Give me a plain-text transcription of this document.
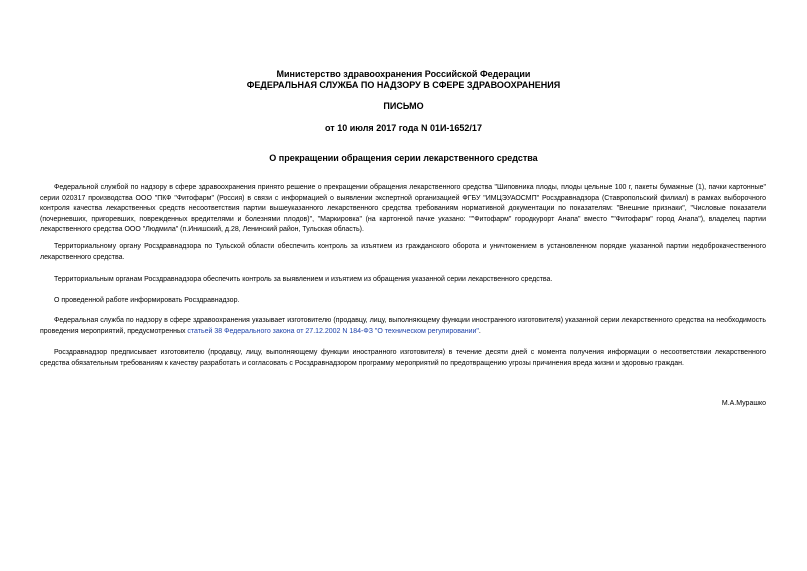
Министерство здравоохранения Российской Федерации
ФЕДЕРАЛЬНАЯ СЛУЖБА ПО НАДЗОРУ В СФЕРЕ ЗДРАВООХРАНЕНИЯ
ПИСЬМО
от 10 июля 2017 года N 01И-1652/17
О прекращении обращения серии лекарственного средства

Федеральной службой по надзору в сфере здравоохранения принято решение о прекращении обращения лекарственного средства "Шиповника плоды, плоды цельные 100 г, пакеты бумажные (1), пачки картонные" серии 020317 производства ООО "ПКФ "Фитофарм" (Россия) в связи с информацией о выявлении экспертной организацией ФГБУ "ИМЦЭУАОСМП" Росздравнадзора (Ставропольский филиал) в рамках выборочного контроля качества лекарственных средств несоответствия партии вышеуказанного лекарственного средства требованиям нормативной документации по показателям: "Внешние признаки", "Числовые показатели (почерневших, пригоревших, поврежденных вредителями и болезнями плодов)", "Маркировка" (на картонной пачке указано: ""Фитофарм" городкурорт Анапа" вместо ""Фитофарм" город Анапа"), владелец партии лекарственного средства ООО "Людмила" (п.Инишский, д.28, Ленинский район, Тульская область).

Территориальному органу Росздравнадзора по Тульской области обеспечить контроль за изъятием из гражданского оборота и уничтожением в установленном порядке указанной партии недоброкачественного лекарственного средства.

Территориальным органам Росздравнадзора обеспечить контроль за выявлением и изъятием из обращения указанной серии лекарственного средства.

О проведенной работе информировать Росздравнадзор.

Федеральная служба по надзору в сфере здравоохранения указывает изготовителю (продавцу, лицу, выполняющему функции иностранного изготовителя) указанной серии лекарственного средства на необходимость проведения мероприятий, предусмотренных статьей 38 Федерального закона от 27.12.2002 N 184-ФЗ "О техническом регулировании".

Росздравнадзор предписывает изготовителю (продавцу, лицу, выполняющему функции иностранного изготовителя) в течение десяти дней с момента получения информации о несоответствии лекарственного средства обязательным требованиям к качеству разработать и согласовать с Росздравнадзором программу мероприятий по предотвращению угрозы причинения вреда жизни и здоровью граждан.

М.А.Мурашко
